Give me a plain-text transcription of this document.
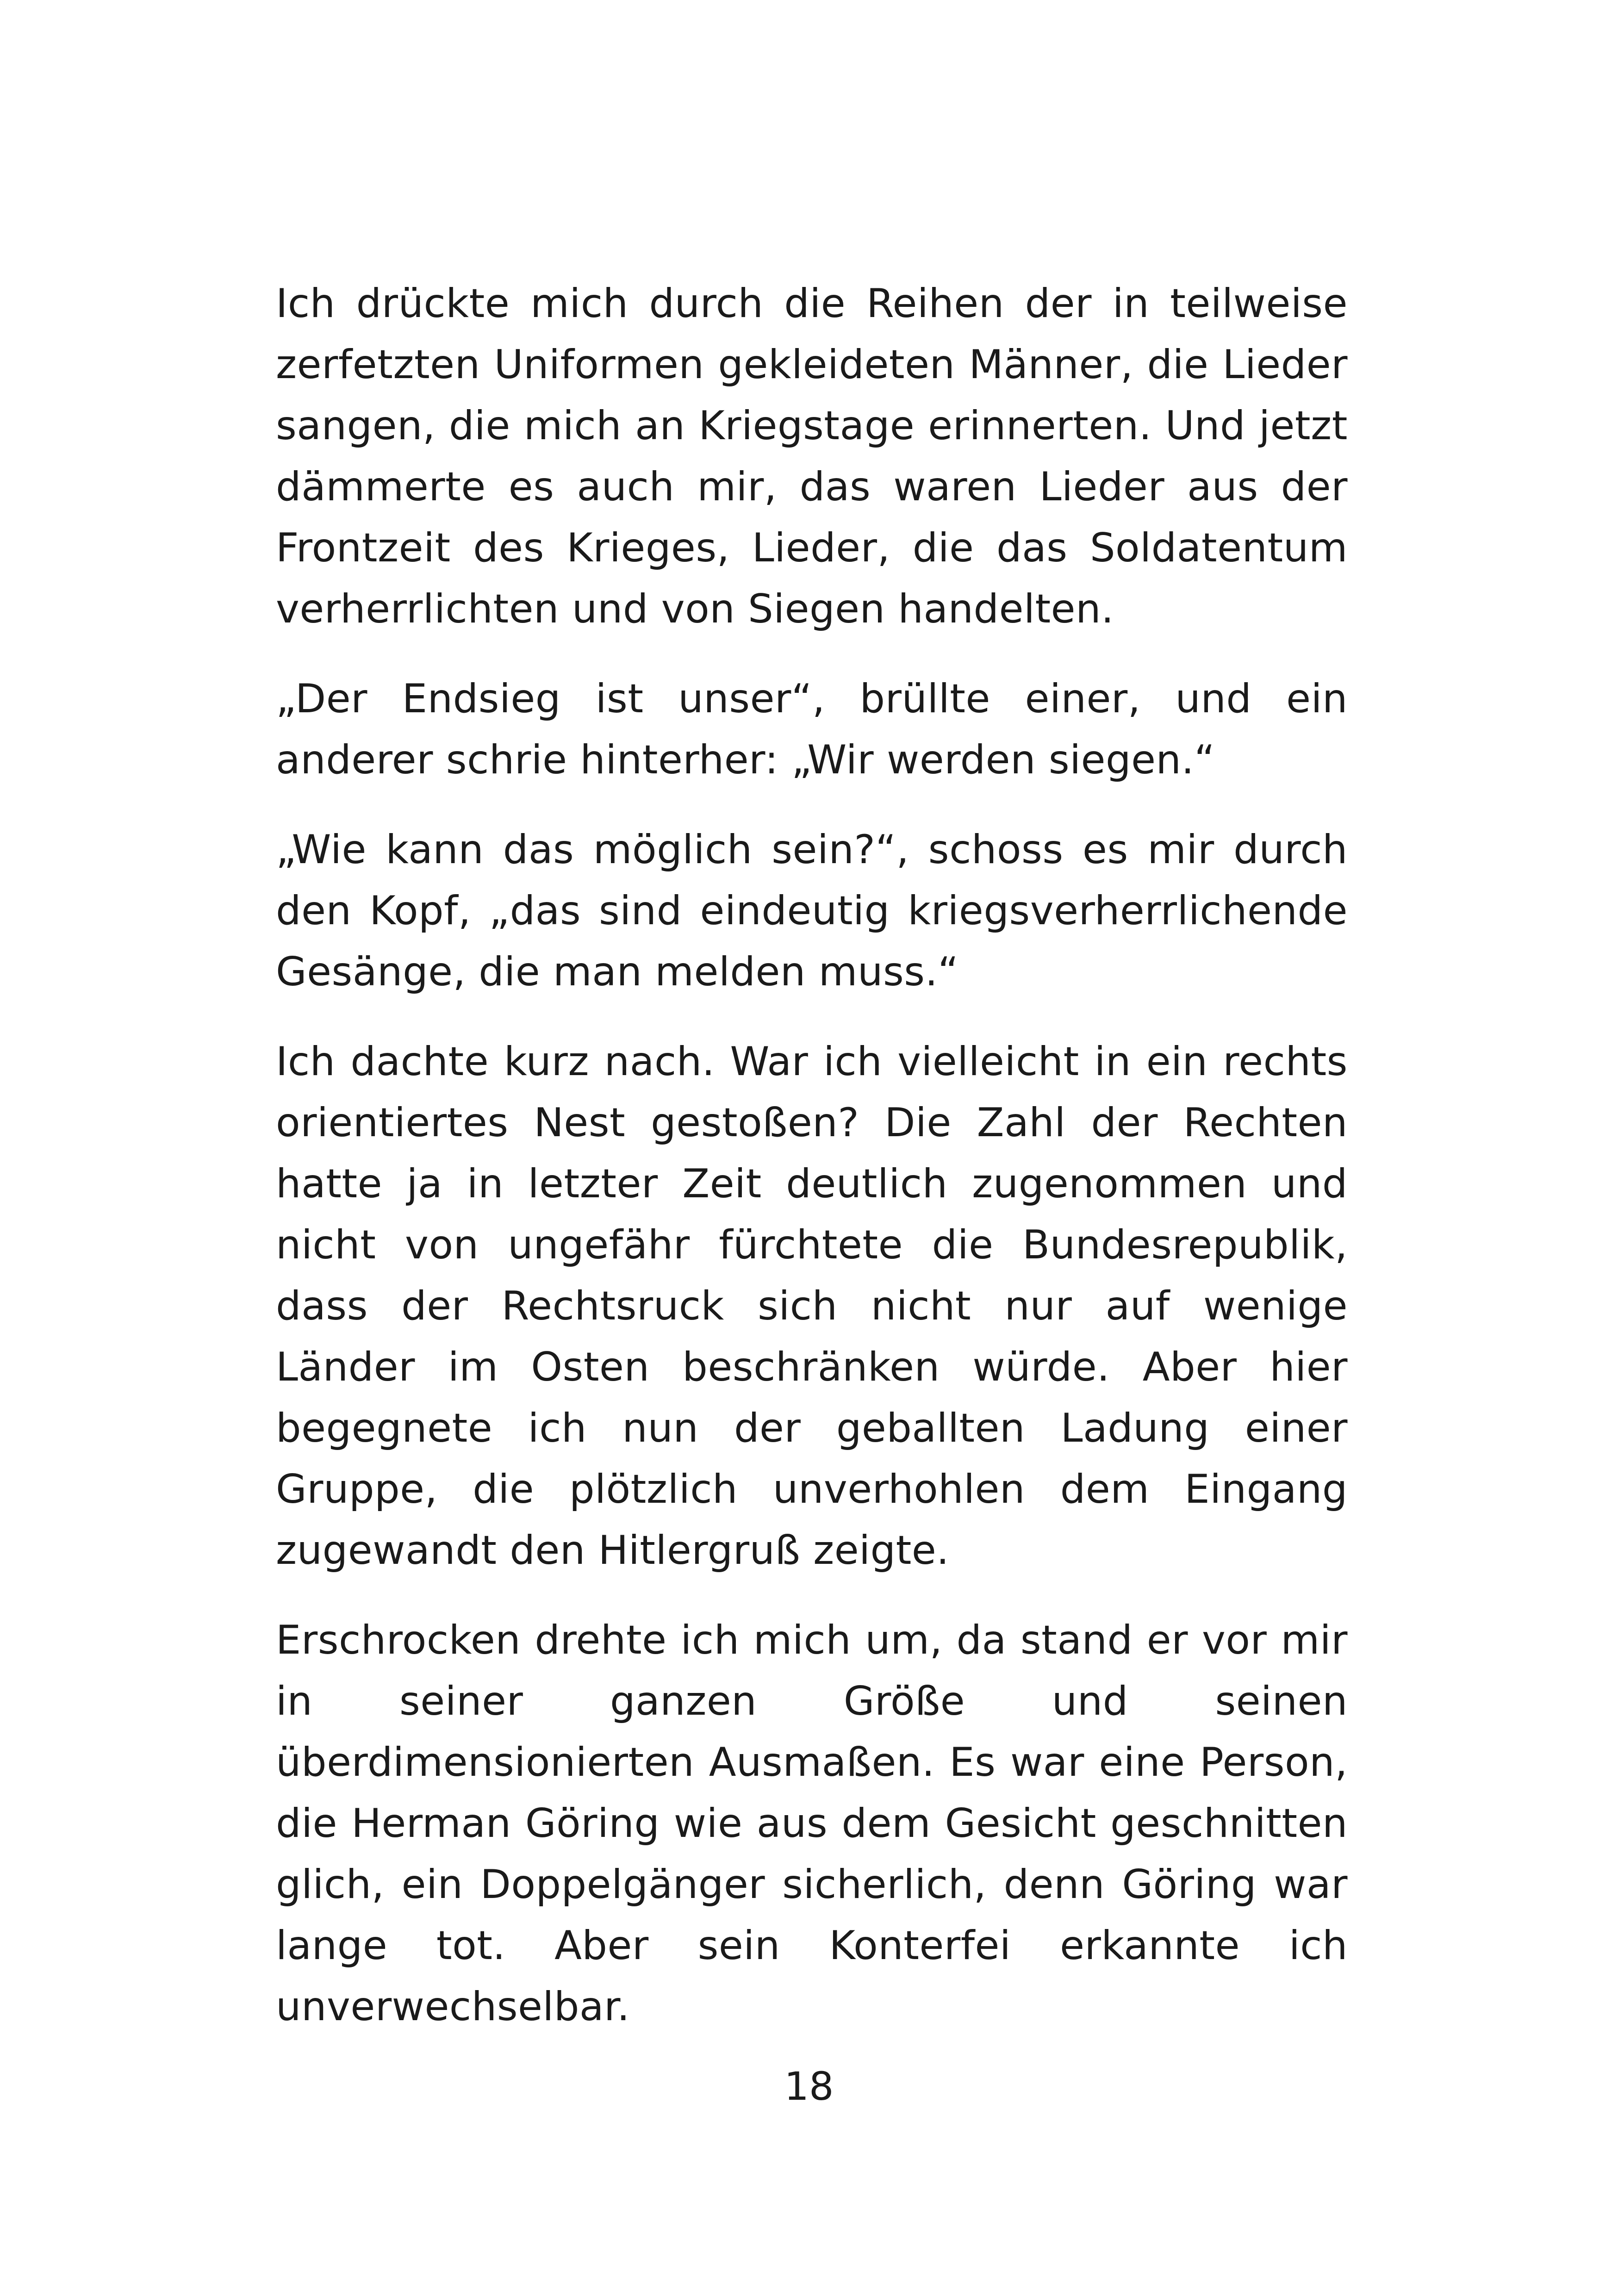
Ich drückte mich durch die Reihen der in teilweise zerfetzten Uniformen gekleideten Männer, die Lieder sangen, die mich an Kriegstage erinnerten. Und jetzt dämmerte es auch mir, das waren Lieder aus der Frontzeit des Krieges, Lieder, die das Soldatentum verherrlichten und von Siegen handelten.

„Der Endsieg ist unser“, brüllte einer, und ein anderer schrie hinterher: „Wir werden siegen.“

„Wie kann das möglich sein?“, schoss es mir durch den Kopf, „das sind eindeutig kriegsverherrlichende Gesänge, die man melden muss.“

Ich dachte kurz nach. War ich vielleicht in ein rechts orientiertes Nest gestoßen? Die Zahl der Rechten hatte ja in letzter Zeit deutlich zugenommen und nicht von ungefähr fürchtete die Bundesrepublik, dass der Rechtsruck sich nicht nur auf wenige Länder im Osten beschränken würde. Aber hier begegnete ich nun der geballten Ladung einer Gruppe, die plötzlich unverhohlen dem Eingang zugewandt den Hitlergruß zeigte.

Erschrocken drehte ich mich um, da stand er vor mir in seiner ganzen Größe und seinen überdimensionierten Ausmaßen. Es war eine Person, die Herman Göring wie aus dem Gesicht geschnitten glich, ein Doppelgänger sicherlich, denn Göring war lange tot. Aber sein Konterfei erkannte ich unverwechselbar.

18
